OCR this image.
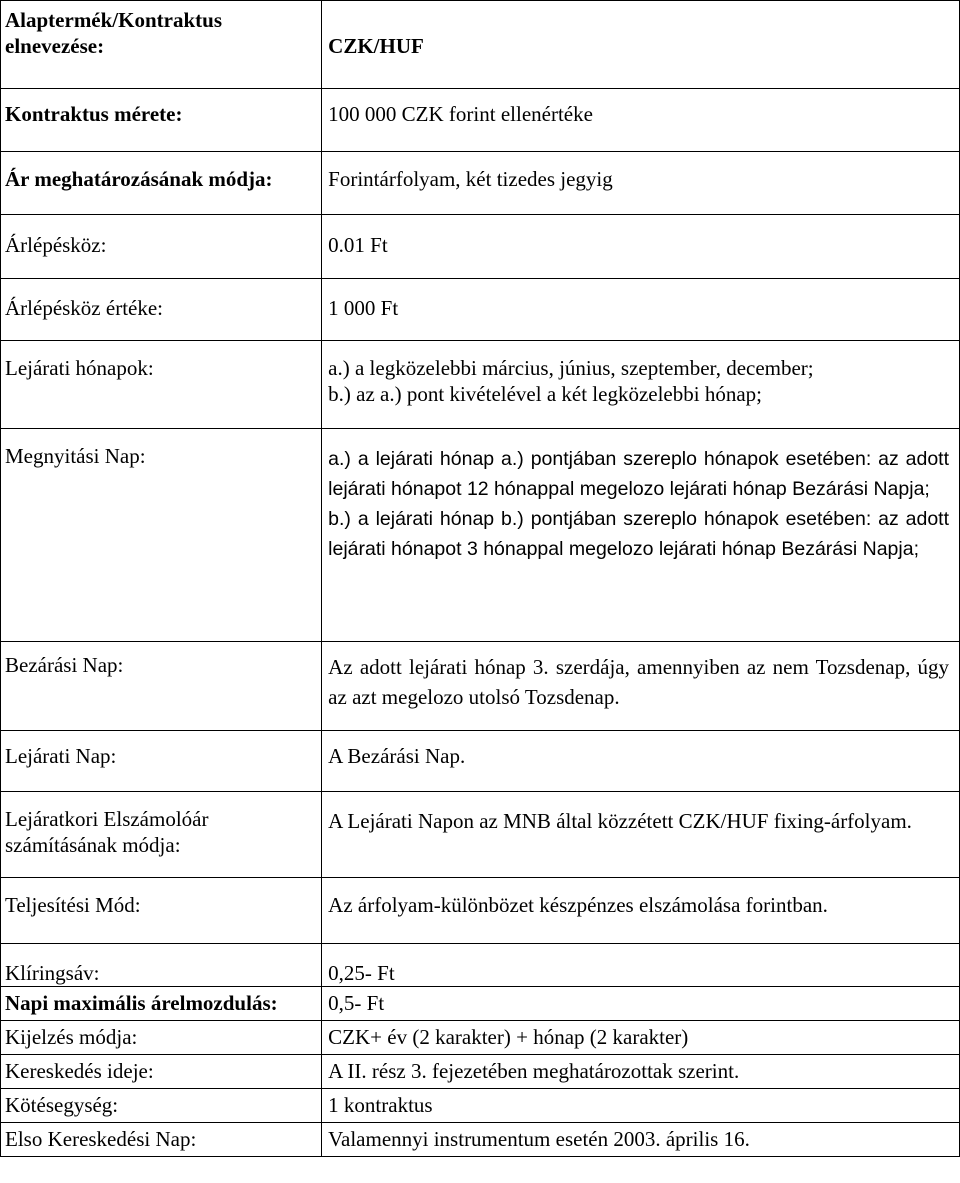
Alaptermék/Kontraktus elnevezése:	CZK/HUF
Kontraktus mérete:	100 000 CZK forint ellenértéke
Ár meghatározásának módja:	Forintárfolyam, két tizedes jegyig
Árlépésköz:	0.01 Ft
Árlépésköz értéke:	1 000 Ft
Lejárati hónapok:	a.) a legközelebbi március, június, szeptember, december;
b.) az a.) pont kivételével a két legközelebbi hónap;

Megnyitási Nap:	a.) a lejárati hónap a.) pontjában szereplo hónapok esetében: az adott lejárati hónapot 12 hónappal megelozo lejárati hónap Bezárási Napja;
b.) a lejárati hónap b.) pontjában szereplo hónapok esetében: az adott lejárati hónapot 3 hónappal megelozo lejárati hónap Bezárási Napja;

Bezárási Nap:	Az adott lejárati hónap 3. szerdája, amennyiben az nem Tozsdenap, úgy az azt megelozo utolsó Tozsdenap.
Lejárati Nap:	A Bezárási Nap.
Lejáratkori Elszámolóár számításának módja:	A Lejárati Napon az MNB által közzétett CZK/HUF fixing-árfolyam.
Teljesítési Mód:	Az árfolyam-különbözet készpénzes elszámolása forintban.
Klíringsáv:	0,25- Ft
Napi maximális árelmozdulás:	0,5- Ft
Kijelzés módja:	CZK+ év (2 karakter) + hónap (2 karakter)
Kereskedés ideje:	A II. rész 3. fejezetében meghatározottak szerint.
Kötésegység:	1 kontraktus
Elso Kereskedési Nap:	Valamennyi instrumentum esetén 2003. április 16.
